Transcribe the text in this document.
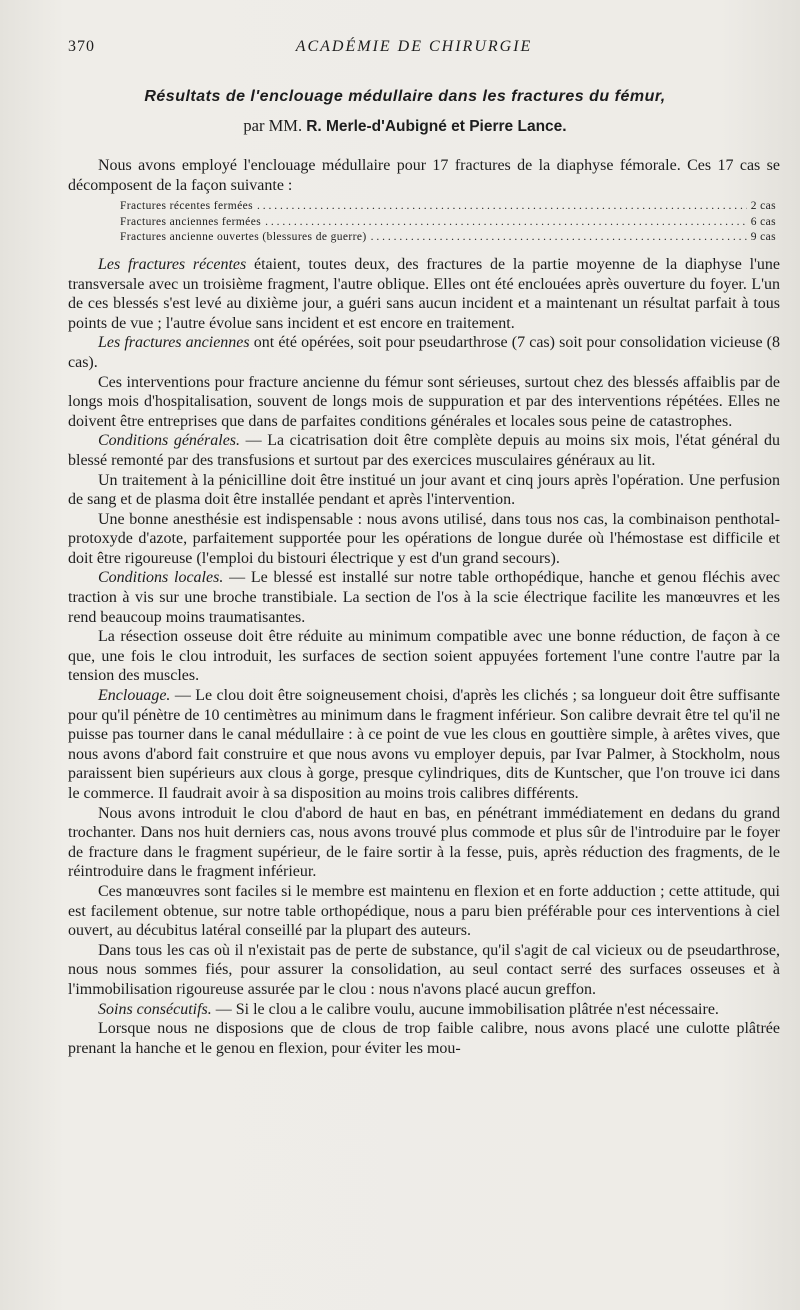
370	ACADÉMIE DE CHIRURGIE
Résultats de l'enclouage médullaire dans les fractures du fémur,
par MM. R. Merle-d'Aubigné et Pierre Lance.

Nous avons employé l'enclouage médullaire pour 17 fractures de la diaphyse fémorale. Ces 17 cas se décomposent de la façon suivante :

Fractures récentes fermées . . .	2 cas
Fractures anciennes fermées . . .	6 cas
Fractures ancienne ouvertes (blessures de guerre) . . .	9 cas

Les fractures récentes étaient, toutes deux, des fractures de la partie moyenne de la diaphyse l'une transversale avec un troisième fragment, l'autre oblique. Elles ont été enclouées après ouverture du foyer. L'un de ces blessés s'est levé au dixième jour, a guéri sans aucun incident et a maintenant un résultat parfait à tous points de vue ; l'autre évolue sans incident et est encore en traitement.

Les fractures anciennes ont été opérées, soit pour pseudarthrose (7 cas) soit pour consolidation vicieuse (8 cas).

Ces interventions pour fracture ancienne du fémur sont sérieuses, surtout chez des blessés affaiblis par de longs mois d'hospitalisation, souvent de longs mois de suppuration et par des interventions répétées. Elles ne doivent être entreprises que dans de parfaites conditions générales et locales sous peine de catastrophes.

Conditions générales. — La cicatrisation doit être complète depuis au moins six mois, l'état général du blessé remonté par des transfusions et surtout par des exercices musculaires généraux au lit.

Un traitement à la pénicilline doit être institué un jour avant et cinq jours après l'opération. Une perfusion de sang et de plasma doit être installée pendant et après l'intervention.

Une bonne anesthésie est indispensable : nous avons utilisé, dans tous nos cas, la combinaison penthotal-protoxyde d'azote, parfaitement supportée pour les opérations de longue durée où l'hémostase est difficile et doit être rigoureuse (l'emploi du bistouri électrique y est d'un grand secours).

Conditions locales. — Le blessé est installé sur notre table orthopédique, hanche et genou fléchis avec traction à vis sur une broche transtibiale. La section de l'os à la scie électrique facilite les manœuvres et les rend beaucoup moins traumatisantes.

La résection osseuse doit être réduite au minimum compatible avec une bonne réduction, de façon à ce que, une fois le clou introduit, les surfaces de section soient appuyées fortement l'une contre l'autre par la tension des muscles.

Enclouage. — Le clou doit être soigneusement choisi, d'après les clichés ; sa longueur doit être suffisante pour qu'il pénètre de 10 centimètres au minimum dans le fragment inférieur. Son calibre devrait être tel qu'il ne puisse pas tourner dans le canal médullaire : à ce point de vue les clous en gouttière simple, à arêtes vives, que nous avons d'abord fait construire et que nous avons vu employer depuis, par Ivar Palmer, à Stockholm, nous paraissent bien supérieurs aux clous à gorge, presque cylindriques, dits de Kuntscher, que l'on trouve ici dans le commerce. Il faudrait avoir à sa disposition au moins trois calibres différents.

Nous avons introduit le clou d'abord de haut en bas, en pénétrant immédiatement en dedans du grand trochanter. Dans nos huit derniers cas, nous avons trouvé plus commode et plus sûr de l'introduire par le foyer de fracture dans le fragment supérieur, de le faire sortir à la fesse, puis, après réduction des fragments, de le réintroduire dans le fragment inférieur.

Ces manœuvres sont faciles si le membre est maintenu en flexion et en forte adduction ; cette attitude, qui est facilement obtenue, sur notre table orthopédique, nous a paru bien préférable pour ces interventions à ciel ouvert, au décubitus latéral conseillé par la plupart des auteurs.

Dans tous les cas où il n'existait pas de perte de substance, qu'il s'agit de cal vicieux ou de pseudarthrose, nous nous sommes fiés, pour assurer la consolidation, au seul contact serré des surfaces osseuses et à l'immobilisation rigoureuse assurée par le clou : nous n'avons placé aucun greffon.

Soins consécutifs. — Si le clou a le calibre voulu, aucune immobilisation plâtrée n'est nécessaire.

Lorsque nous ne disposions que de clous de trop faible calibre, nous avons placé une culotte plâtrée prenant la hanche et le genou en flexion, pour éviter les mou-
